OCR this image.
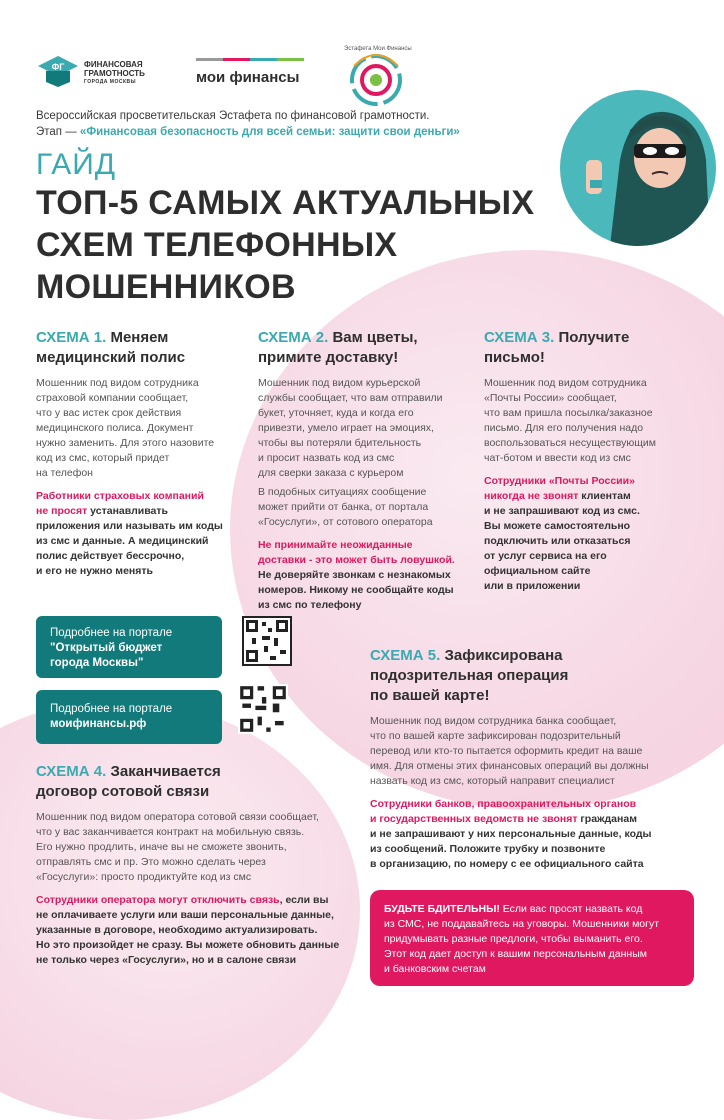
ФГ ФИНАНСОВАЯ
ГРАМОТНОСТЬ
ГОРОДА МОСКВЫ	мои финансы
Эстафета Мои Финансы
Всероссийская просветительская Эстафета по финансовой грамотности.
Этап — «Финансовая безопасность для всей семьи: защити свои деньги»
ГАЙД
ТОП-5 САМЫХ АКТУАЛЬНЫХ
СХЕМ ТЕЛЕФОННЫХ
МОШЕННИКОВ
СХЕМА 1. Меняем
медицинский полис
Мошенник под видом сотрудника
страховой компании сообщает,
что у вас истек срок действия
медицинского полиса. Документ
нужно заменить. Для этого назовите
код из смс, который придет
на телефон
Работники страховых компаний
не просят устанавливать
приложения или называть им коды
из смс и данные. А медицинский
полис действует бессрочно,
и его не нужно менять
СХЕМА 2. Вам цветы,
примите доставку!
Мошенник под видом курьерской
службы сообщает, что вам отправили
букет, уточняет, куда и когда его
привезти, умело играет на эмоциях,
чтобы вы потеряли бдительность
и просит назвать код из смс
для сверки заказа с курьером
В подобных ситуациях сообщение
может прийти от банка, от портала
«Госуслуги», от сотового оператора
Не принимайте неожиданные
доставки - это может быть ловушкой.
Не доверяйте звонкам с незнакомых
номеров. Никому не сообщайте коды
из смс по телефону
СХЕМА 3. Получите
письмо!
Мошенник под видом сотрудника
«Почты России» сообщает,
что вам пришла посылка/заказное
письмо. Для его получения надо
воспользоваться несуществующим
чат-ботом и ввести код из смс
Сотрудники «Почты России»
никогда не звонят клиентам
и не запрашивают код из смс.
Вы можете самостоятельно
подключить или отказаться
от услуг сервиса на его
официальном сайте
или в приложении
Подробнее на портале
"Открытый бюджет
города Москвы"
Подробнее на портале
моифинансы.рф
СХЕМА 4. Заканчивается
договор сотовой связи
Мошенник под видом оператора сотовой связи сообщает,
что у вас заканчивается контракт на мобильную связь.
Его нужно продлить, иначе вы не сможете звонить,
отправлять смс и пр. Это можно сделать через
«Госуслуги»: просто продиктуйте код из смс
Сотрудники оператора могут отключить связь, если вы
не оплачиваете услуги или ваши персональные данные,
указанные в договоре, необходимо актуализировать.
Но это произойдет не сразу. Вы можете обновить данные
не только через «Госуслуги», но и в салоне связи
СХЕМА 5. Зафиксирована
подозрительная операция
по вашей карте!
Мошенник под видом сотрудника банка сообщает,
что по вашей карте зафиксирован подозрительный
перевод или кто-то пытается оформить кредит на ваше
имя. Для отмены этих финансовых операций вы должны
назвать код из смс, который направит специалист
Сотрудники банков, правоохранительных органов
и государственных ведомств не звонят гражданам
и не запрашивают у них персональные данные, коды
из сообщений. Положите трубку и позвоните
в организацию, по номеру с ее официального сайта
БУДЬТЕ БДИТЕЛЬНЫ! Если вас просят назвать код
из СМС, не поддавайтесь на уговоры. Мошенники могут
придумывать разные предлоги, чтобы выманить его.
Этот код дает доступ к вашим персональным данным
и банковским счетам
